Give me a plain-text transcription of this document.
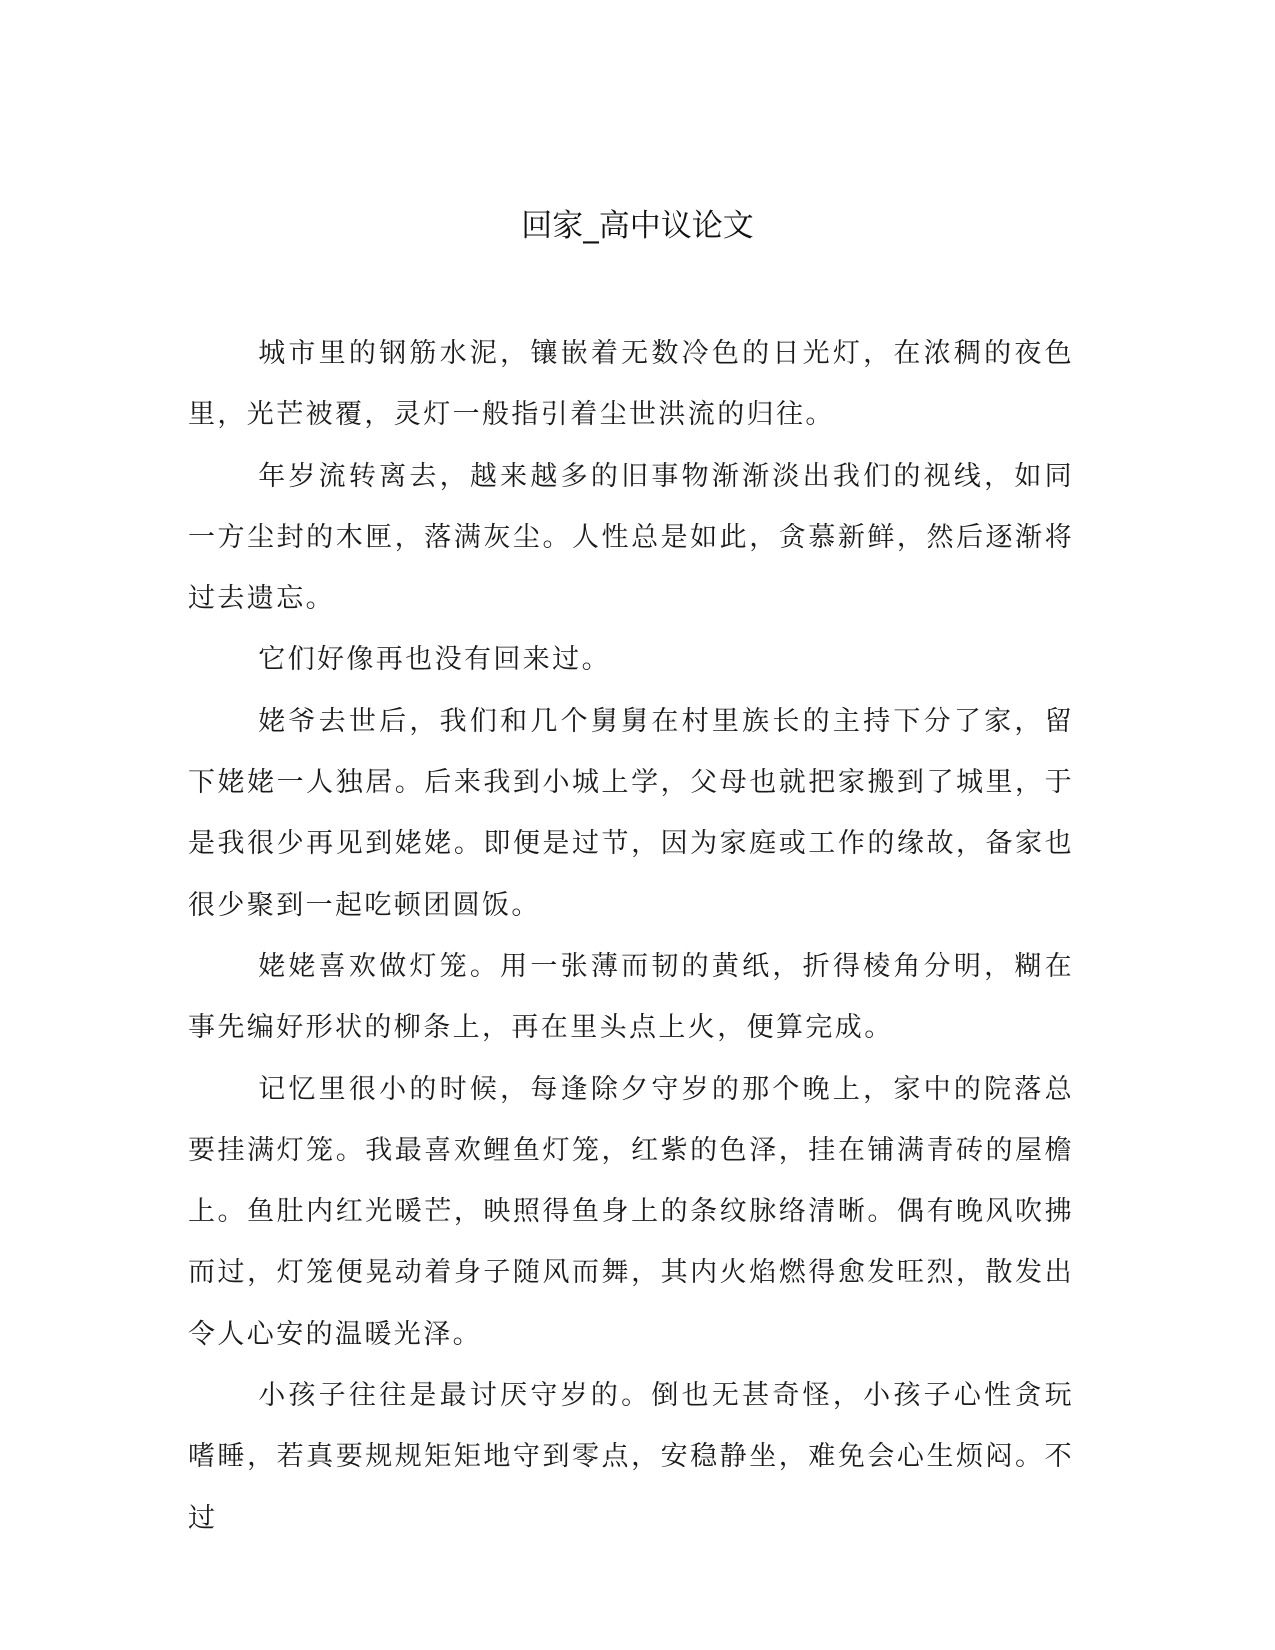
回家_高中议论文

城市里的钢筋水泥，镶嵌着无数冷色的日光灯，在浓稠的夜色里，光芒被覆，灵灯一般指引着尘世洪流的归往。

年岁流转离去，越来越多的旧事物渐渐淡出我们的视线，如同一方尘封的木匣，落满灰尘。人性总是如此，贪慕新鲜，然后逐渐将过去遗忘。

它们好像再也没有回来过。

姥爷去世后，我们和几个舅舅在村里族长的主持下分了家，留下姥姥一人独居。后来我到小城上学，父母也就把家搬到了城里，于是我很少再见到姥姥。即便是过节，因为家庭或工作的缘故，备家也很少聚到一起吃顿团圆饭。

姥姥喜欢做灯笼。用一张薄而韧的黄纸，折得棱角分明，糊在事先编好形状的柳条上，再在里头点上火，便算完成。

记忆里很小的时候，每逢除夕守岁的那个晚上，家中的院落总要挂满灯笼。我最喜欢鲤鱼灯笼，红紫的色泽，挂在铺满青砖的屋檐上。鱼肚内红光暖芒，映照得鱼身上的条纹脉络清晰。偶有晚风吹拂而过，灯笼便晃动着身子随风而舞，其内火焰燃得愈发旺烈，散发出令人心安的温暖光泽。

小孩子往往是最讨厌守岁的。倒也无甚奇怪，小孩子心性贪玩嗜睡，若真要规规矩矩地守到零点，安稳静坐，难免会心生烦闷。不过
